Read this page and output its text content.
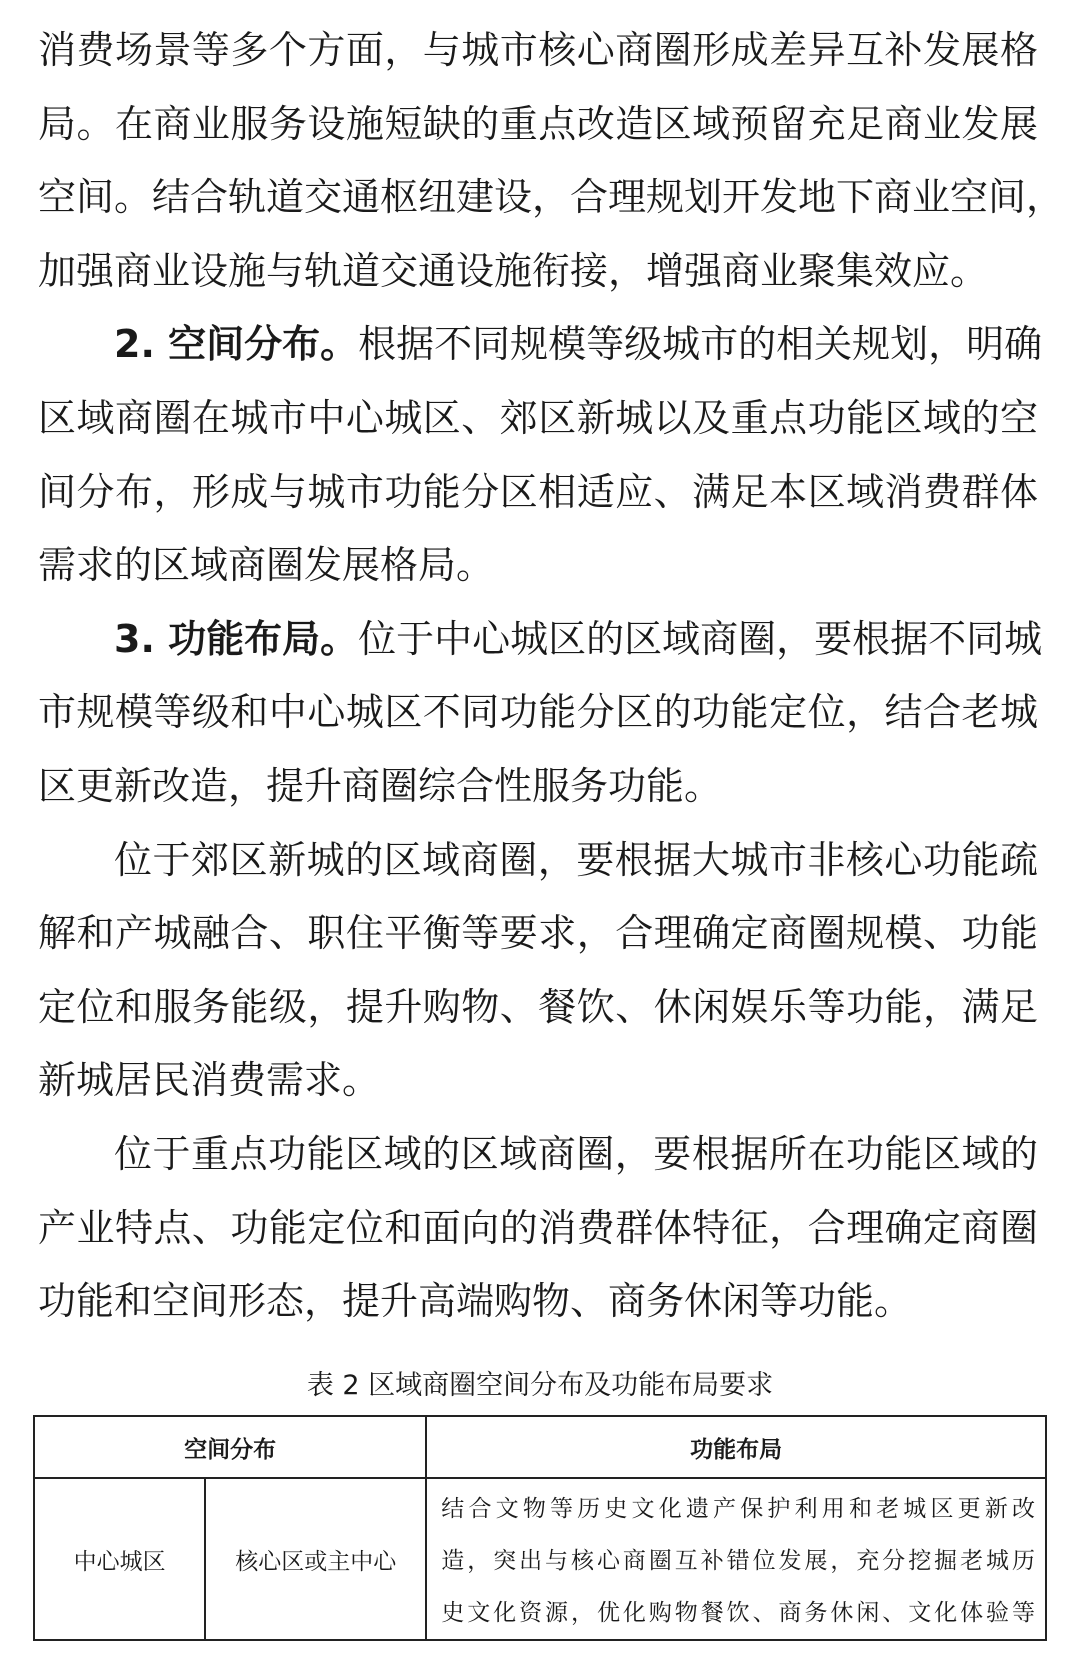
消费场景等多个方面，与城市核心商圈形成差异互补发展格
局。在商业服务设施短缺的重点改造区域预留充足商业发展
空间。结合轨道交通枢纽建设，合理规划开发地下商业空间，
加强商业设施与轨道交通设施衔接，增强商业聚集效应。
2. 空间分布。根据不同规模等级城市的相关规划，明确
区域商圈在城市中心城区、郊区新城以及重点功能区域的空
间分布，形成与城市功能分区相适应、满足本区域消费群体
需求的区域商圈发展格局。
3. 功能布局。位于中心城区的区域商圈，要根据不同城
市规模等级和中心城区不同功能分区的功能定位，结合老城
区更新改造，提升商圈综合性服务功能。
位于郊区新城的区域商圈，要根据大城市非核心功能疏
解和产城融合、职住平衡等要求，合理确定商圈规模、功能
定位和服务能级，提升购物、餐饮、休闲娱乐等功能，满足
新城居民消费需求。
位于重点功能区域的区域商圈，要根据所在功能区域的
产业特点、功能定位和面向的消费群体特征，合理确定商圈
功能和空间形态，提升高端购物、商务休闲等功能。
表 2 区域商圈空间分布及功能布局要求
空间分布		功能布局
中心城区	核心区或主中心	结合文物等历史文化遗产保护利用和老城区更新改
造，突出与核心商圈互补错位发展，充分挖掘老城历
史文化资源，优化购物餐饮、商务休闲、文化体验等
